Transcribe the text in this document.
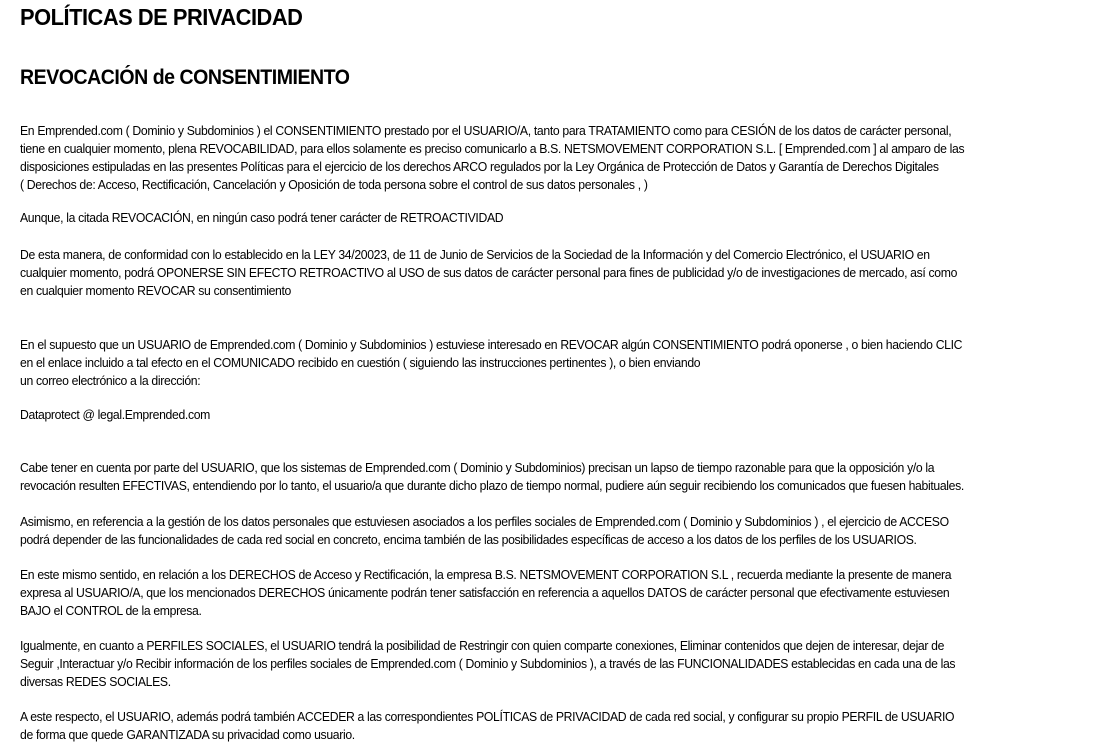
POLÍTICAS DE PRIVACIDAD
REVOCACIÓN de CONSENTIMIENTO

En Emprended.com ( Dominio y Subdominios ) el CONSENTIMIENTO prestado por el USUARIO/A, tanto para TRATAMIENTO como para CESIÓN de los datos de carácter personal,
tiene en cualquier momento, plena REVOCABILIDAD, para ellos solamente es preciso comunicarlo a B.S. NETSMOVEMENT CORPORATION S.L. [ Emprended.com ] al amparo de las
disposiciones estipuladas en las presentes Políticas para el ejercicio de los derechos ARCO regulados por la Ley Orgánica de Protección de Datos y Garantía de Derechos Digitales
( Derechos de: Acceso, Rectificación, Cancelación y Oposición de toda persona sobre el control de sus datos personales , )

Aunque, la citada REVOCACIÓN, en ningún caso podrá tener carácter de RETROACTIVIDAD

De esta manera, de conformidad con lo establecido en la LEY 34/20023, de 11 de Junio de Servicios de la Sociedad de la Información y del Comercio Electrónico, el USUARIO en
cualquier momento, podrá OPONERSE SIN EFECTO RETROACTIVO al USO de sus datos de carácter personal para fines de publicidad y/o de investigaciones de mercado, así como
en cualquier momento REVOCAR su consentimiento

En el supuesto que un USUARIO de Emprended.com ( Dominio y Subdominios ) estuviese interesado en REVOCAR algún CONSENTIMIENTO podrá oponerse , o bien haciendo CLIC
en el enlace incluido a tal efecto en el COMUNICADO recibido en cuestión ( siguiendo las instrucciones pertinentes ), o bien enviando
un correo electrónico a la dirección:

Dataprotect @ legal.Emprended.com

Cabe tener en cuenta por parte del USUARIO, que los sistemas de Emprended.com ( Dominio y Subdominios) precisan un lapso de tiempo razonable para que la opposición y/o la
revocación resulten EFECTIVAS, entendiendo por lo tanto, el usuario/a que durante dicho plazo de tiempo normal, pudiere aún seguir recibiendo los comunicados que fuesen habituales.

Asimismo, en referencia a la gestión de los datos personales que estuviesen asociados a los perfiles sociales de Emprended.com ( Dominio y Subdominios ) , el ejercicio de ACCESO
podrá depender de las funcionalidades de cada red social en concreto, encima también de las posibilidades específicas de acceso a los datos de los perfiles de los USUARIOS.

En este mismo sentido, en relación a los DERECHOS de Acceso y Rectificación, la empresa B.S. NETSMOVEMENT CORPORATION S.L , recuerda mediante la presente de manera
expresa al USUARIO/A, que los mencionados DERECHOS únicamente podrán tener satisfacción en referencia a aquellos DATOS de carácter personal que efectivamente estuviesen
BAJO el CONTROL de la empresa.

Igualmente, en cuanto a PERFILES SOCIALES, el USUARIO tendrá la posibilidad de Restringir con quien comparte conexiones, Eliminar contenidos que dejen de interesar, dejar de
Seguir ,Interactuar y/o Recibir información de los perfiles sociales de Emprended.com ( Dominio y Subdominios ), a través de las FUNCIONALIDADES establecidas en cada una de las
diversas REDES SOCIALES.

A este respecto, el USUARIO, además podrá también ACCEDER a las correspondientes POLÍTICAS de PRIVACIDAD de cada red social, y configurar su propio PERFIL de USUARIO
de forma que quede GARANTIZADA su privacidad como usuario.
